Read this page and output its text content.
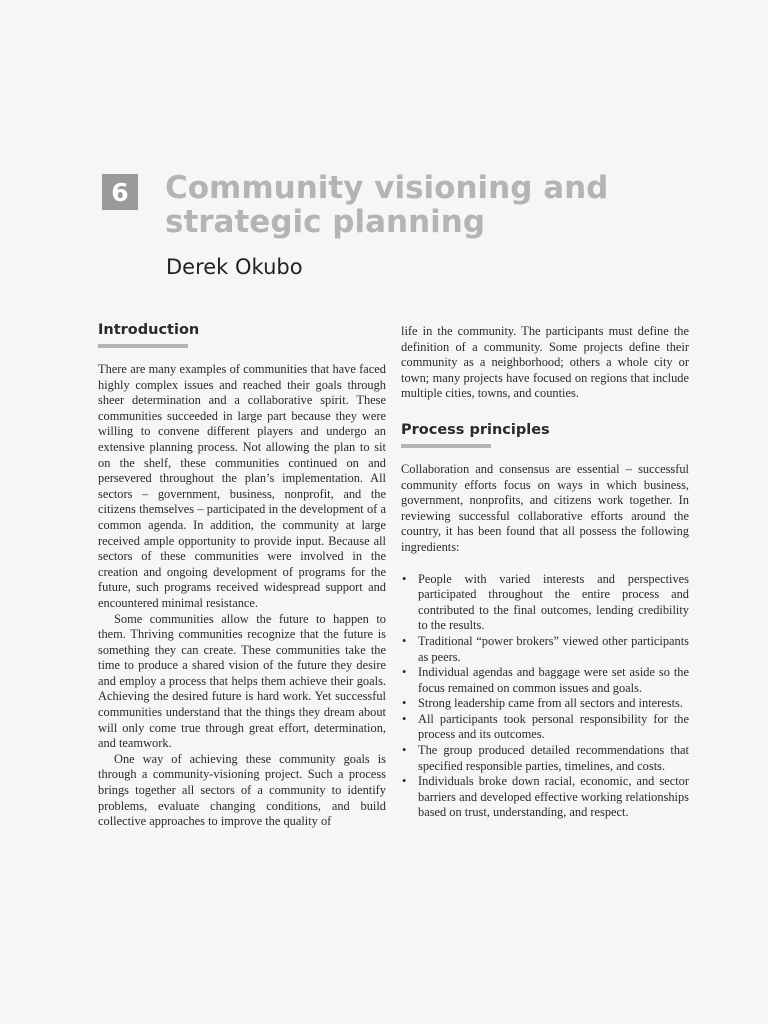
6 Community visioning and strategic planning

Derek Okubo

Introduction

There are many examples of communities that have faced highly complex issues and reached their goals through sheer determination and a collaborative spirit. These communities succeeded in large part because they were willing to convene different players and undergo an extensive planning process. Not allowing the plan to sit on the shelf, these communities continued on and persevered throughout the plan’s implementation. All sectors – government, business, nonprofit, and the citizens themselves – participated in the development of a common agenda. In addition, the community at large received ample opportunity to provide input. Because all sectors of these communities were involved in the creation and ongoing development of programs for the future, such programs received widespread support and encountered minimal resistance.

Some communities allow the future to happen to them. Thriving communities recognize that the future is something they can create. These communities take the time to produce a shared vision of the future they desire and employ a process that helps them achieve their goals. Achieving the desired future is hard work. Yet successful communities understand that the things they dream about will only come true through great effort, determination, and teamwork.

One way of achieving these community goals is through a community-visioning project. Such a process brings together all sectors of a community to identify problems, evaluate changing conditions, and build collective approaches to improve the quality of

life in the community. The participants must define the definition of a community. Some projects define their community as a neighborhood; others a whole city or town; many projects have focused on regions that include multiple cities, towns, and counties.

Process principles

Collaboration and consensus are essential – successful community efforts focus on ways in which business, government, nonprofits, and citizens work together. In reviewing successful collaborative efforts around the country, it has been found that all possess the following ingredients:

• People with varied interests and perspectives participated throughout the entire process and contributed to the final outcomes, lending credibility to the results.
• Traditional “power brokers” viewed other participants as peers.
• Individual agendas and baggage were set aside so the focus remained on common issues and goals.
• Strong leadership came from all sectors and interests.
• All participants took personal responsibility for the process and its outcomes.
• The group produced detailed recommendations that specified responsible parties, timelines, and costs.
• Individuals broke down racial, economic, and sector barriers and developed effective working relationships based on trust, understanding, and respect.
